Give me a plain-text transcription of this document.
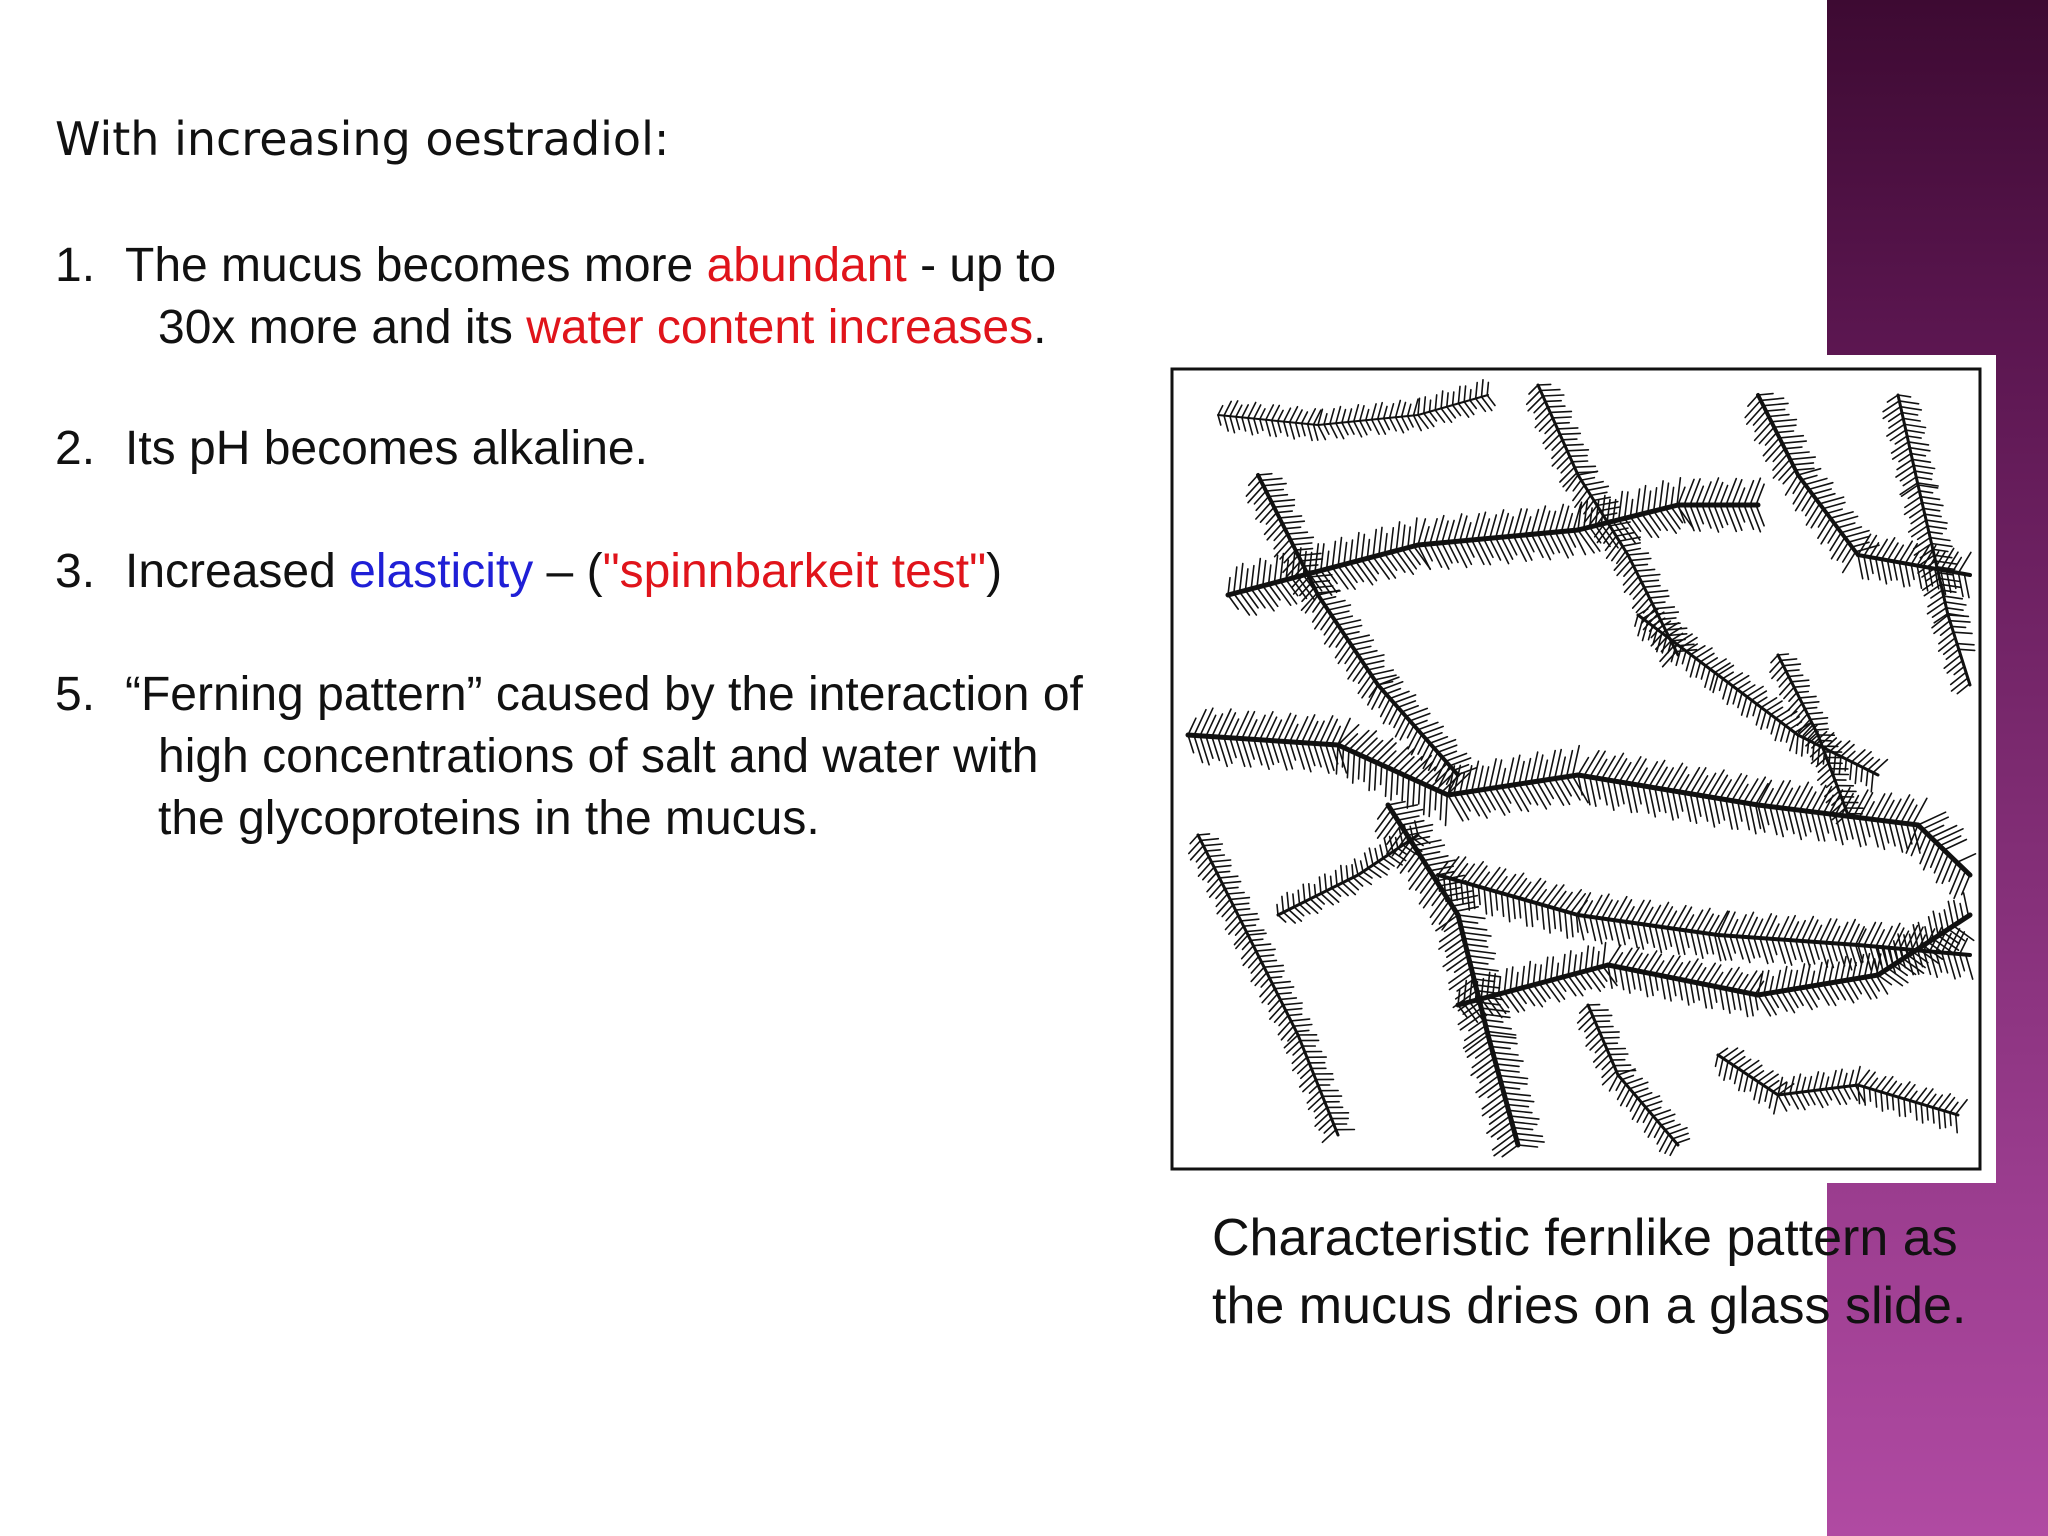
With increasing oestradiol:
1. The mucus becomes more abundant - up to
30x more and its water content increases.
2. Its pH becomes alkaline.
3. Increased elasticity – ("spinnbarkeit test")
5. “Ferning pattern” caused by the interaction of
high concentrations of salt and water with
the glycoproteins in the mucus.
Characteristic fernlike pattern as
the mucus dries on a glass slide.
